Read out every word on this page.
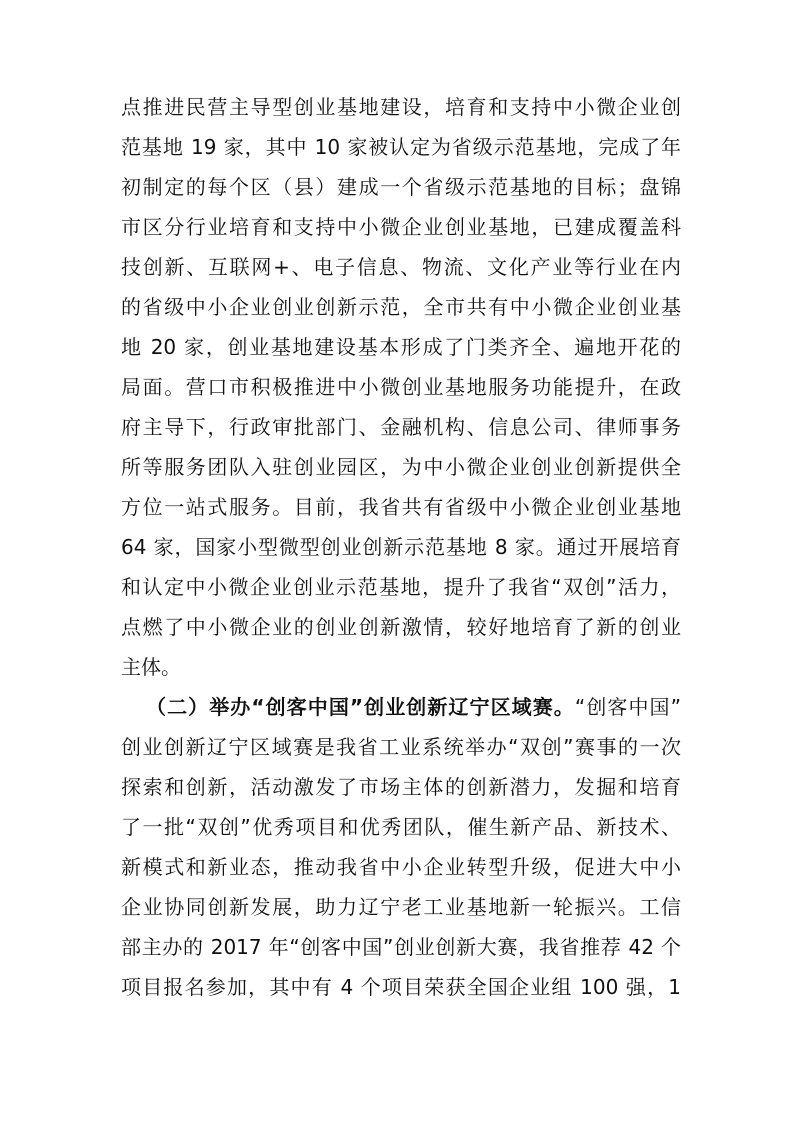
点推进民营主导型创业基地建设，培育和支持中小微企业创
范基地 19 家，其中 10 家被认定为省级示范基地，完成了年
初制定的每个区（县）建成一个省级示范基地的目标；盘锦
市区分行业培育和支持中小微企业创业基地，已建成覆盖科
技创新、互联网+、电子信息、物流、文化产业等行业在内
的省级中小企业创业创新示范，全市共有中小微企业创业基
地 20 家，创业基地建设基本形成了门类齐全、遍地开花的
局面。营口市积极推进中小微创业基地服务功能提升，在政
府主导下，行政审批部门、金融机构、信息公司、律师事务
所等服务团队入驻创业园区，为中小微企业创业创新提供全
方位一站式服务。目前，我省共有省级中小微企业创业基地
64 家，国家小型微型创业创新示范基地 8 家。通过开展培育
和认定中小微企业创业示范基地，提升了我省“双创”活力，
点燃了中小微企业的创业创新激情，较好地培育了新的创业
主体。
（二）举办“创客中国”创业创新辽宁区域赛。“创客中国”
创业创新辽宁区域赛是我省工业系统举办“双创”赛事的一次
探索和创新，活动激发了市场主体的创新潜力，发掘和培育
了一批“双创”优秀项目和优秀团队，催生新产品、新技术、
新模式和新业态，推动我省中小企业转型升级，促进大中小
企业协同创新发展，助力辽宁老工业基地新一轮振兴。工信
部主办的 2017 年“创客中国”创业创新大赛，我省推荐 42 个
项目报名参加，其中有 4 个项目荣获全国企业组 100 强，1
